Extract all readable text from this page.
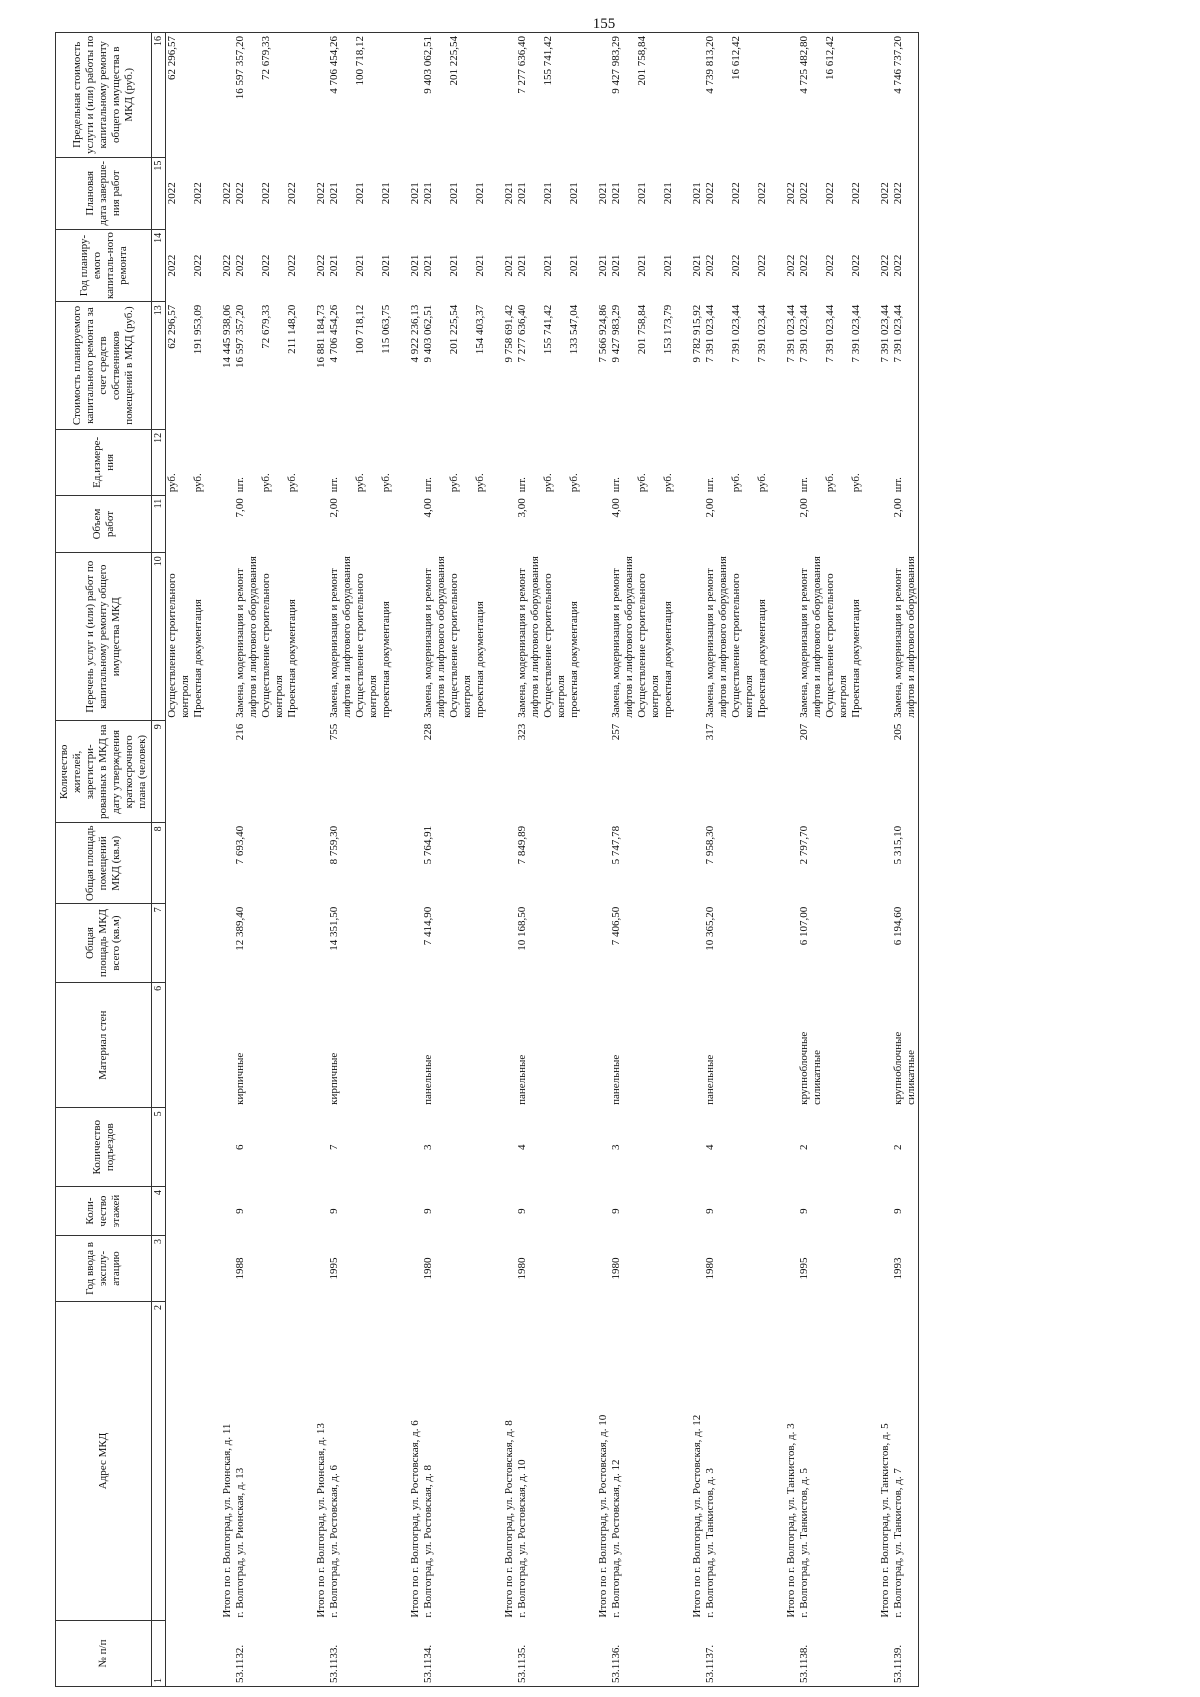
155
№ п/п	Адрес МКД	Год ввода в эксплу-атацию	Коли-чество этажей	Количество подъездов	Материал стен	Общая площадь МКД всего (кв.м)	Общая площадь помещений МКД (кв.м)	Количество жителей, зарегистри-рованных в МКД на дату утверждения краткосрочного плана (человек)	Перечень услуг и (или) работ по капитальному ремонту общего имущества МКД	Объем работ	Ед.измере-ния	Стоимость планируемого капитального ремонта за счет средств собственников помещений в МКД (руб.)	Год планиру-емого капиталь-ного ремонта	Плановая дата заверше-ния работ	Предельная стоимость услуги и (или) работы по капитальному ремонту общего имущества в МКД (руб.)
1	2	3	4	5	6	7	8	9	10	11	12	13	14	15	16
									Осуществление строительного контроля		руб.	62 296,57	2022	2022	62 296,57
									Проектная документация		руб.	191 953,09	2022	2022	
	Итого по г. Волгоград, ул. Рионская, д. 11											14 445 938,06	2022	2022	
53.1132.	г. Волгоград, ул. Рионская, д. 13	1988	9	6	кирпичные	12 389,40	7 693,40	216	Замена, модернизация и ремонт лифтов и лифтового оборудования	7,00	шт.	16 597 357,20	2022	2022	16 597 357,20
									Осуществление строительного контроля		руб.	72 679,33	2022	2022	72 679,33
									Проектная документация		руб.	211 148,20	2022	2022	
	Итого по г. Волгоград, ул. Рионская, д. 13											16 881 184,73	2022	2022	
53.1133.	г. Волгоград, ул. Ростовская, д. 6	1995	9	7	кирпичные	14 351,50	8 759,30	755	Замена, модернизация и ремонт лифтов и лифтового оборудования	2,00	шт.	4 706 454,26	2021	2021	4 706 454,26
									Осуществление строительного контроля		руб.	100 718,12	2021	2021	100 718,12
									проектная документация		руб.	115 063,75	2021	2021	
	Итого по г. Волгоград, ул. Ростовская, д. 6											4 922 236,13	2021	2021	
53.1134.	г. Волгоград, ул. Ростовская, д. 8	1980	9	3	панельные	7 414,90	5 764,91	228	Замена, модернизация и ремонт лифтов и лифтового оборудования	4,00	шт.	9 403 062,51	2021	2021	9 403 062,51
									Осуществление строительного контроля		руб.	201 225,54	2021	2021	201 225,54
									проектная документация		руб.	154 403,37	2021	2021	
	Итого по г. Волгоград, ул. Ростовская, д. 8											9 758 691,42	2021	2021	
53.1135.	г. Волгоград, ул. Ростовская, д. 10	1980	9	4	панельные	10 168,50	7 849,89	323	Замена, модернизация и ремонт лифтов и лифтового оборудования	3,00	шт.	7 277 636,40	2021	2021	7 277 636,40
									Осуществление строительного контроля		руб.	155 741,42	2021	2021	155 741,42
									проектная документация		руб.	133 547,04	2021	2021	
	Итого по г. Волгоград, ул. Ростовская, д. 10											7 566 924,86	2021	2021	
53.1136.	г. Волгоград, ул. Ростовская, д. 12	1980	9	3	панельные	7 406,50	5 747,78	257	Замена, модернизация и ремонт лифтов и лифтового оборудования	4,00	шт.	9 427 983,29	2021	2021	9 427 983,29
									Осуществление строительного контроля		руб.	201 758,84	2021	2021	201 758,84
									проектная документация		руб.	153 173,79	2021	2021	
	Итого по г. Волгоград, ул. Ростовская, д. 12											9 782 915,92	2021	2021	
53.1137.	г. Волгоград, ул. Танкистов, д. 3	1980	9	4	панельные	10 365,20	7 958,30	317	Замена, модернизация и ремонт лифтов и лифтового оборудования	2,00	шт.	7 391 023,44	2022	2022	4 739 813,20
									Осуществление строительного контроля		руб.	7 391 023,44	2022	2022	16 612,42
									Проектная документация		руб.	7 391 023,44	2022	2022	
	Итого по г. Волгоград, ул. Танкистов, д. 3											7 391 023,44	2022	2022	
53.1138.	г. Волгоград, ул. Танкистов, д. 5	1995	9	2	крупноблочные силикатные	6 107,00	2 797,70	207	Замена, модернизация и ремонт лифтов и лифтового оборудования	2,00	шт.	7 391 023,44	2022	2022	4 725 482,80
									Осуществление строительного контроля		руб.	7 391 023,44	2022	2022	16 612,42
									Проектная документация		руб.	7 391 023,44	2022	2022	
	Итого по г. Волгоград, ул. Танкистов, д. 5											7 391 023,44	2022	2022	
53.1139.	г. Волгоград, ул. Танкистов, д. 7	1993	9	2	крупноблочные силикатные	6 194,60	5 315,10	205	Замена, модернизация и ремонт лифтов и лифтового оборудования	2,00	шт.	7 391 023,44	2022	2022	4 746 737,20
